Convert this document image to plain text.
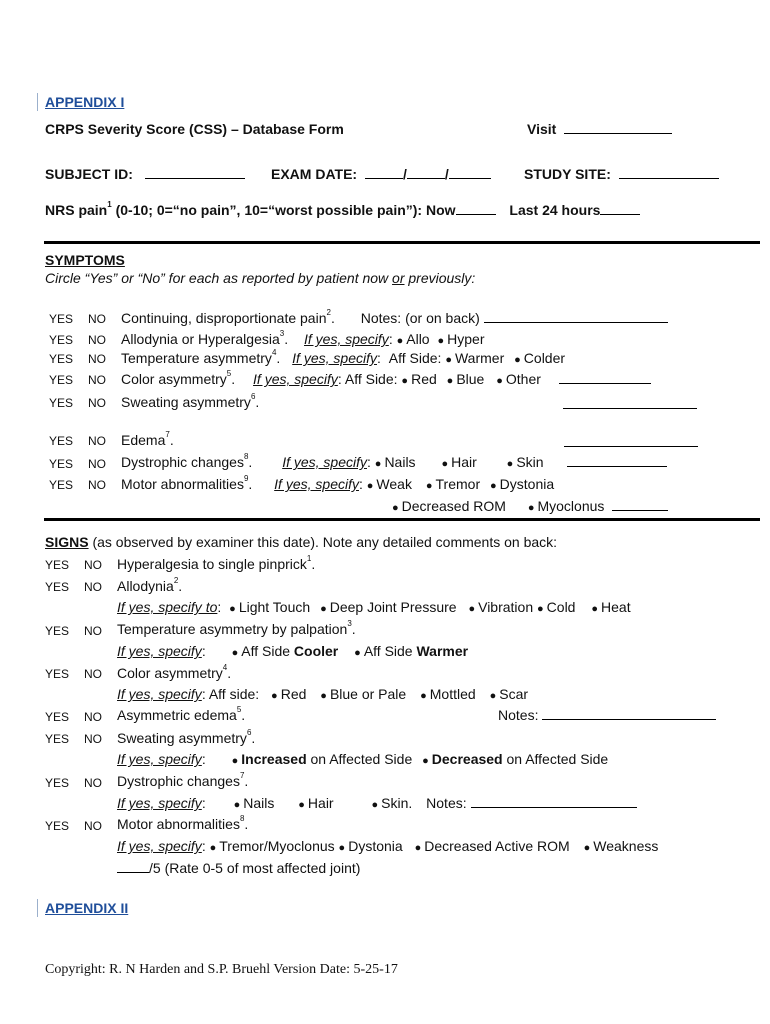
APPENDIX I
CRPS Severity Score (CSS) – Database Form	Visit
SUBJECT ID:	EXAM DATE:	/	/	STUDY SITE:
NRS pain$^1$ (0-10; 0=“no pain”, 10=“worst possible pain”): Now	Last 24 hours
SYMPTOMS
Circle “Yes” or “No” for each as reported by patient now or previously:
YES NO Continuing, disproportionate pain$^2$. Notes: (or on back)
YES NO Allodynia or Hyperalgesia$^3$. If yes, specify: ● Allo ● Hyper
YES NO Temperature asymmetry$^4$. If yes, specify: Aff Side: ● Warmer ● Colder
YES NO Color asymmetry$^5$. If yes, specify: Aff Side: ● Red ● Blue ● Other
YES NO Sweating asymmetry$^6$.
YES NO Edema$^7$.
YES NO Dystrophic changes$^8$. If yes, specify: ● Nails ● Hair	● Skin
YES NO Motor abnormalities$^9$. If yes, specify: ● Weak ● Tremor ● Dystonia
● Decreased ROM ● Myoclonus
SIGNS (as observed by examiner this date). Note any detailed comments on back:
YES NO Hyperalgesia to single pinprick$^1$.
YES NO Allodynia$^2$.
If yes, specify to: ● Light Touch ● Deep Joint Pressure ● Vibration ● Cold ● Heat
YES NO Temperature asymmetry by palpation$^3$.
If yes, specify: ● Aff Side Cooler ● Aff Side Warmer
YES NO Color asymmetry$^4$.
If yes, specify: Aff side: ● Red ● Blue or Pale ● Mottled ● Scar
YES NO Asymmetric edema$^5$.	Notes:
YES NO Sweating asymmetry$^6$.
If yes, specify: ● Increased on Affected Side ● Decreased on Affected Side
YES NO Dystrophic changes$^7$.
If yes, specify: ● Nails ● Hair	● Skin. Notes:
YES NO Motor abnormalities$^8$.
If yes, specify: ● Tremor/Myoclonus ● Dystonia ● Decreased Active ROM ● Weakness
/5 (Rate 0-5 of most affected joint)
APPENDIX II
Copyright: R. N Harden and S.P. Bruehl Version Date: 5-25-17
